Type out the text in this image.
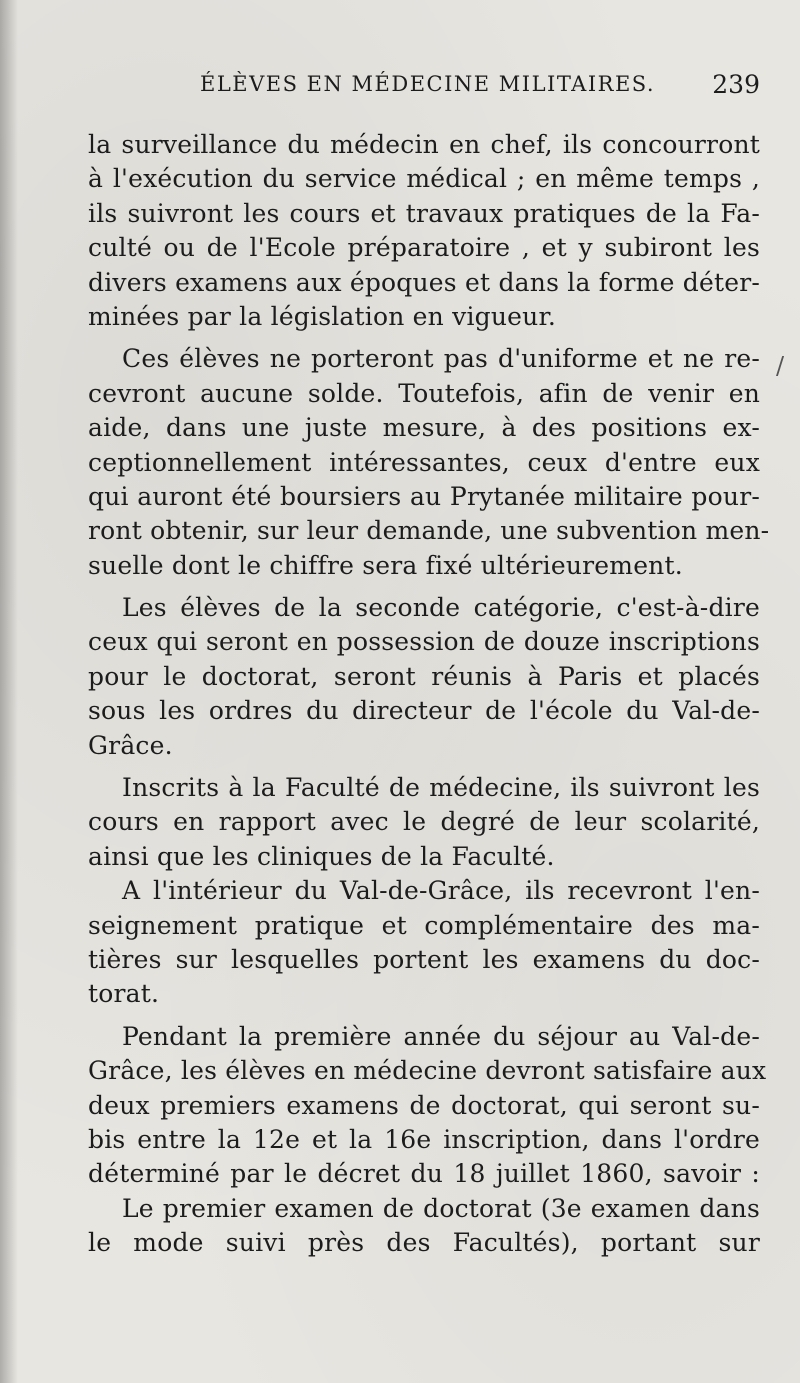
ÉLÈVES EN MÉDECINE MILITAIRES. 239
la surveillance du médecin en chef, ils concourront
à l'exécution du service médical ; en même temps ,
ils suivront les cours et travaux pratiques de la Fa-
culté ou de l'Ecole préparatoire , et y subiront les
divers examens aux époques et dans la forme déter-
minées par la législation en vigueur.
Ces élèves ne porteront pas d'uniforme et ne re-
cevront aucune solde. Toutefois, afin de venir en
aide, dans une juste mesure, à des positions ex-
ceptionnellement intéressantes, ceux d'entre eux
qui auront été boursiers au Prytanée militaire pour-
ront obtenir, sur leur demande, une subvention men-
suelle dont le chiffre sera fixé ultérieurement.
Les élèves de la seconde catégorie, c'est-à-dire
ceux qui seront en possession de douze inscriptions
pour le doctorat, seront réunis à Paris et placés
sous les ordres du directeur de l'école du Val-de-
Grâce.
Inscrits à la Faculté de médecine, ils suivront les
cours en rapport avec le degré de leur scolarité,
ainsi que les cliniques de la Faculté.
A l'intérieur du Val-de-Grâce, ils recevront l'en-
seignement pratique et complémentaire des ma-
tières sur lesquelles portent les examens du doc-
torat.
Pendant la première année du séjour au Val-de-
Grâce, les élèves en médecine devront satisfaire aux
deux premiers examens de doctorat, qui seront su-
bis entre la 12e et la 16e inscription, dans l'ordre
déterminé par le décret du 18 juillet 1860, savoir :
Le premier examen de doctorat (3e examen dans
le mode suivi près des Facultés), portant sur
/
